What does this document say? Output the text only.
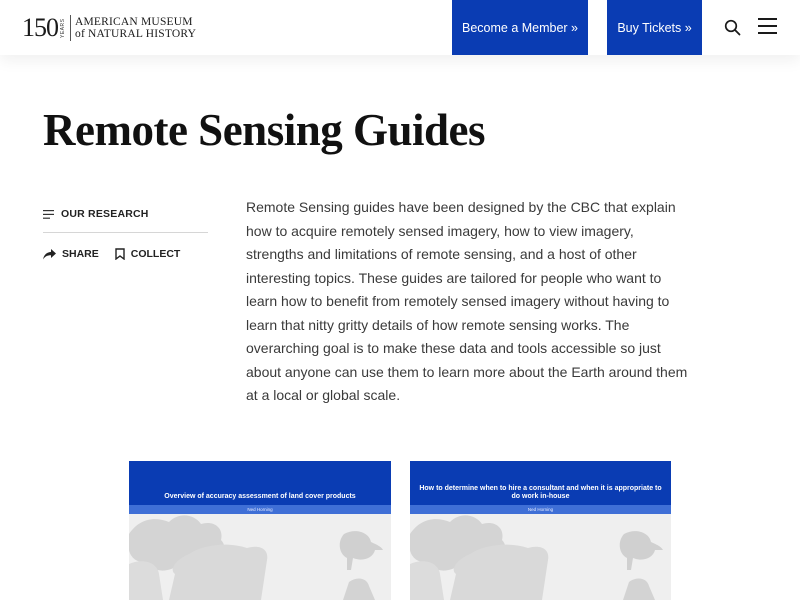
150 YEARS AMERICAN MUSEUM
of NATURAL HISTORY	Become a Member »	Buy Tickets »
Remote Sensing Guides
OUR RESEARCH
SHARE	COLLECT

Remote Sensing guides have been designed by the CBC that explain how to acquire remotely sensed imagery, how to view imagery, strengths and limitations of remote sensing, and a host of other interesting topics. These guides are tailored for people who want to learn how to benefit from remotely sensed imagery without having to learn that nitty gritty details of how remote sensing works. The overarching goal is to make these data and tools accessible so just about anyone can use them to learn more about the Earth around them at a local or global scale.

Overview of accuracy assessment of land cover products
Ned Horning
How to determine when to hire a consultant and when it is appropriate to do work in-house
Ned Horning
